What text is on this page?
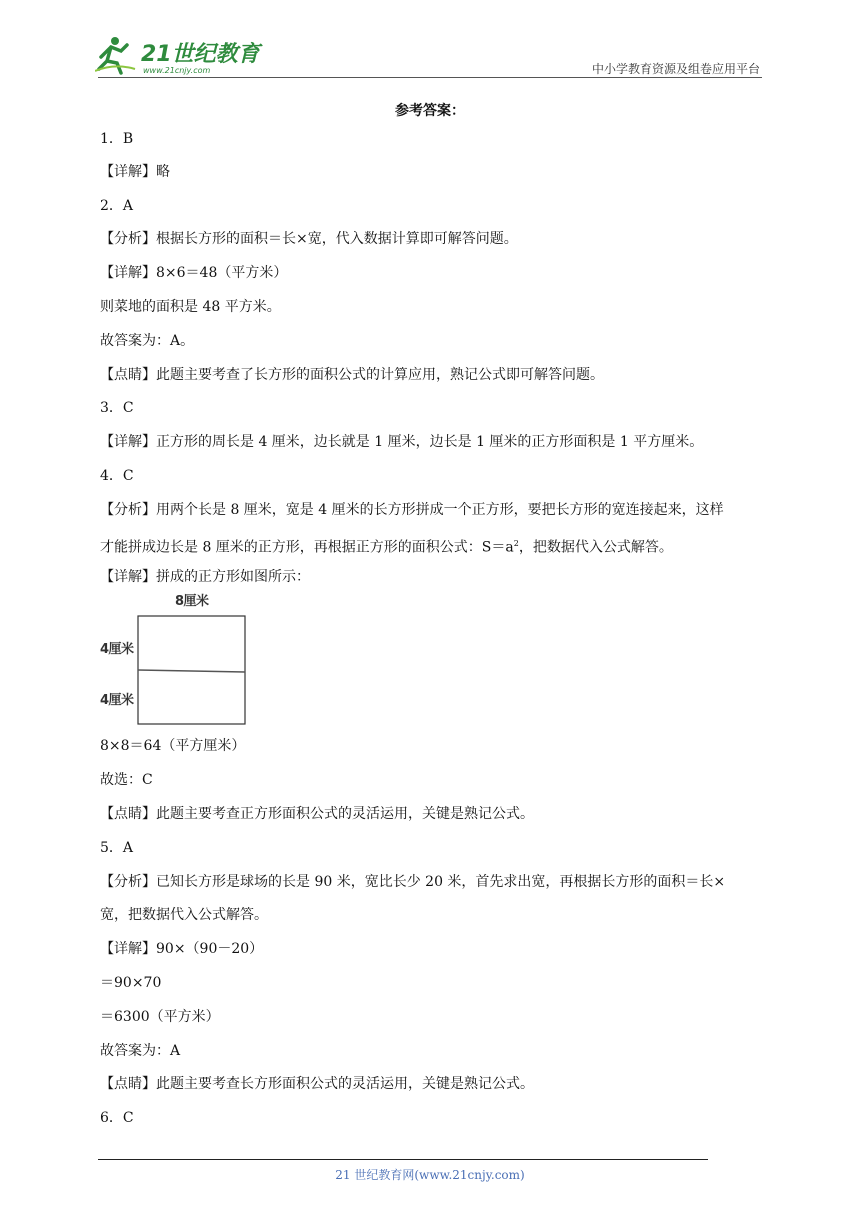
21世纪教育
www.21cnjy.com	中小学教育资源及组卷应用平台
参考答案：
1．B
【详解】略
2．A
【分析】根据长方形的面积＝长×宽，代入数据计算即可解答问题。
【详解】8×6＝48（平方米）
则菜地的面积是 48 平方米。
故答案为：A。
【点睛】此题主要考查了长方形的面积公式的计算应用，熟记公式即可解答问题。
3．C
【详解】正方形的周长是 4 厘米，边长就是 1 厘米，边长是 1 厘米的正方形面积是 1 平方厘米。
4．C
【分析】用两个长是 8 厘米，宽是 4 厘米的长方形拼成一个正方形，要把长方形的宽连接起来，这样
才能拼成边长是 8 厘米的正方形，再根据正方形的面积公式：$S=a^2$，把数据代入公式解答。
【详解】拼成的正方形如图所示：
8厘米
4厘米
4厘米
8×8＝64（平方厘米）
故选：C
【点睛】此题主要考查正方形面积公式的灵活运用，关键是熟记公式。
5．A
【分析】已知长方形是球场的长是 90 米，宽比长少 20 米，首先求出宽，再根据长方形的面积＝长×
宽，把数据代入公式解答。
【详解】90×（90－20）
＝90×70
＝6300（平方米）
故答案为：A
【点睛】此题主要考查长方形面积公式的灵活运用，关键是熟记公式。
6．C
21 世纪教育网(www.21cnjy.com)
